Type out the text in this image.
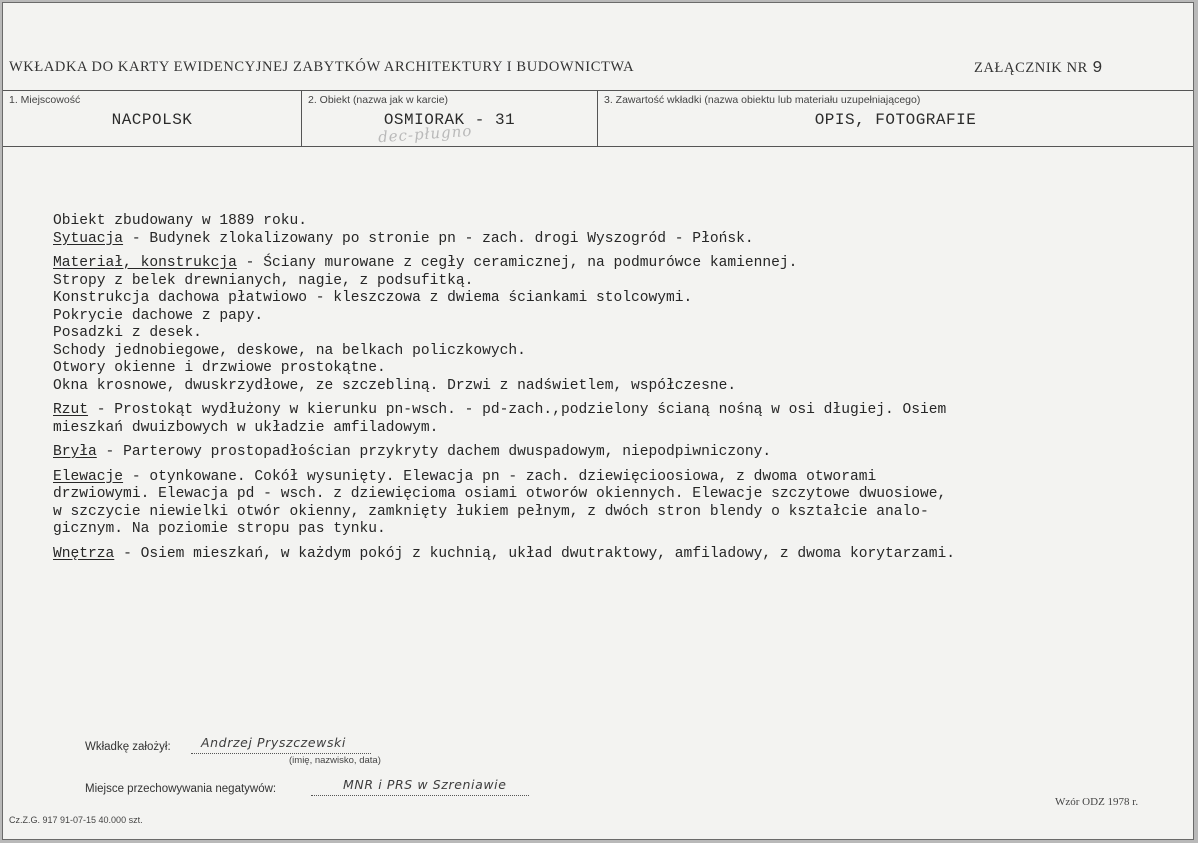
WKŁADKA DO KARTY EWIDENCYJNEJ ZABYTKÓW ARCHITEKTURY I BUDOWNICTWA	ZAŁĄCZNIK NR 9
1. Miejscowość
NACPOLSK
2. Obiekt (nazwa jak w karcie)
OSMIORAK - 31
3. Zawartość wkładki (nazwa obiektu lub materiału uzupełniającego)
OPIS, FOTOGRAFIE
dec-pługno

Obiekt zbudowany w 1889 roku.

Sytuacja - Budynek zlokalizowany po stronie pn - zach. drogi Wyszogród - Płońsk.

Materiał, konstrukcja - Ściany murowane z cegły ceramicznej, na podmurówce kamiennej.

Stropy z belek drewnianych, nagie, z podsufitką.

Konstrukcja dachowa płatwiowo - kleszczowa z dwiema ściankami stolcowymi.

Pokrycie dachowe z papy.

Posadzki z desek.

Schody jednobiegowe, deskowe, na belkach policzkowych.

Otwory okienne i drzwiowe prostokątne.

Okna krosnowe, dwuskrzydłowe, ze szczebliną. Drzwi z nadświetlem, współczesne.

Rzut - Prostokąt wydłużony w kierunku pn-wsch. - pd-zach.,podzielony ścianą nośną w osi długiej. Osiem

mieszkań dwuizbowych w układzie amfiladowym.

Bryła - Parterowy prostopadłościan przykryty dachem dwuspadowym, niepodpiwniczony.

Elewacje - otynkowane. Cokół wysunięty. Elewacja pn - zach. dziewięcioosiowa, z dwoma otworami

drzwiowymi. Elewacja pd - wsch. z dziewięcioma osiami otworów okiennych. Elewacje szczytowe dwuosiowe,

w szczycie niewielki otwór okienny, zamknięty łukiem pełnym, z dwóch stron blendy o kształcie analo-

gicznym. Na poziomie stropu pas tynku.

Wnętrza - Osiem mieszkań, w każdym pokój z kuchnią, układ dwutraktowy, amfiladowy, z dwoma korytarzami.

Wkładkę założył: Andrzej Pryszczewski
(imię, nazwisko, data)
Miejsce przechowywania negatywów:	MNR i PRS w Szreniawie
Wzór ODZ 1978 r.
Cz.Z.G. 917 91-07-15 40.000 szt.
